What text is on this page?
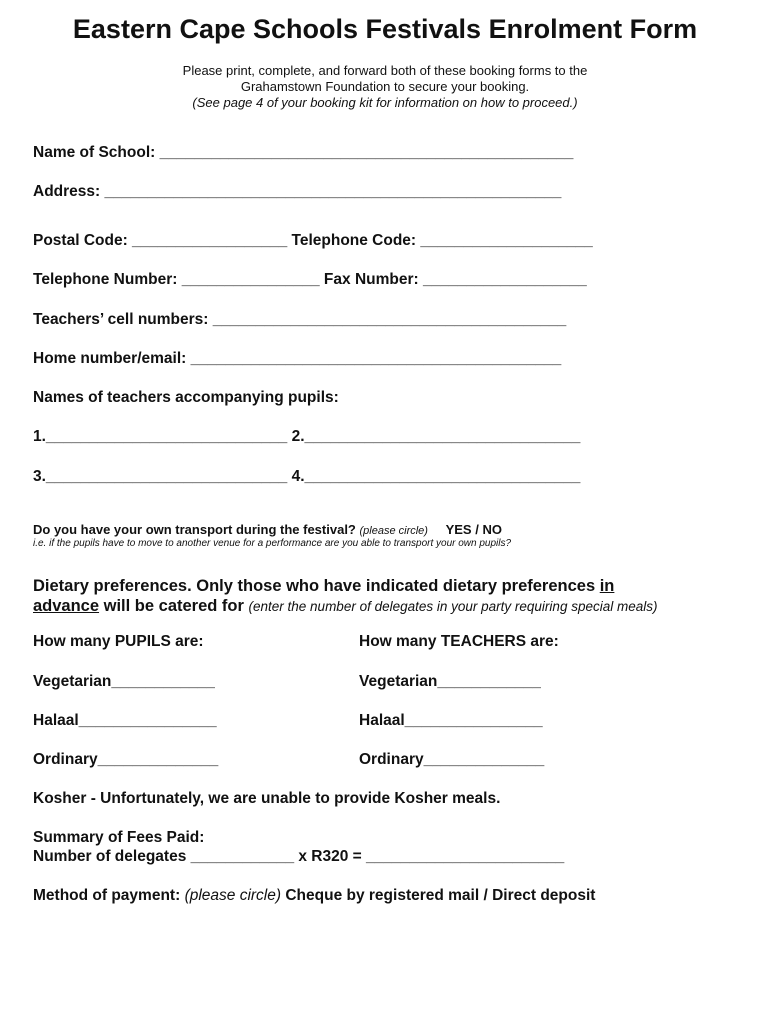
Eastern Cape Schools Festivals Enrolment Form
Please print, complete, and forward both of these booking forms to the
Grahamstown Foundation to secure your booking.
(See page 4 of your booking kit for information on how to proceed.)
Name of School: ________________________________________________
Address: _____________________________________________________
Postal Code: __________________ Telephone Code: ____________________
Telephone Number: ________________ Fax Number: ___________________
Teachers’ cell numbers: _________________________________________
Home number/email: ___________________________________________
Names of teachers accompanying pupils:
1.____________________________ 2.________________________________
3.____________________________ 4.________________________________
Do you have your own transport during the festival? (please circle) YES / NO
i.e. if the pupils have to move to another venue for a performance are you able to transport your own pupils?
Dietary preferences. Only those who have indicated dietary preferences in
advance will be catered for (enter the number of delegates in your party requiring special meals)
How many PUPILS are:	How many TEACHERS are:
Vegetarian____________	Vegetarian____________
Halaal________________	Halaal________________
Ordinary______________	Ordinary______________
Kosher - Unfortunately, we are unable to provide Kosher meals.
Summary of Fees Paid:
Number of delegates ____________ x R320 = _______________________
Method of payment: (please circle) Cheque by registered mail / Direct deposit
